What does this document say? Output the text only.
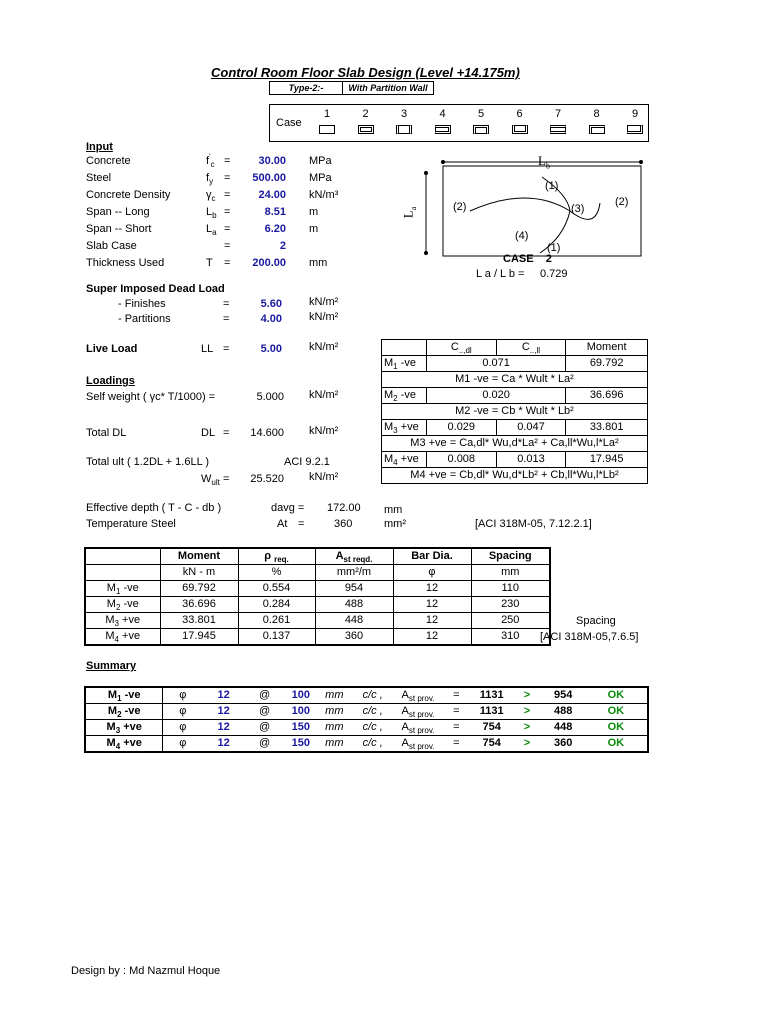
Control Room Floor Slab Design (Level +14.175m)
Type-2:-	With Partition Wall
Case
1	2	3	4	5	6	7	8	9
Input
Concrete	$f'_c$ =	30.00 MPa
Steel	$f_y$ =	500.00 MPa
Concrete Density	$\gamma_c$ =	24.00 kN/m³
Span -- Long	$L_b$ =	8.51 m
Span -- Short	$L_a$ =	6.20 m
Slab Case	=	2
Thickness Used	T =	200.00 mm
$L_b$
$L_a$
(1)
(2)	(3)
(2)
(4)
(1)
CASE 2
L a / L b = 0.729
Super Imposed Dead Load
- Finishes	=	5.60 kN/m²
- Partitions	=	4.00 kN/m²
Live Load	LL =	5.00 kN/m²
Loadings
Self weight ( γc* T/1000) =	5.000 kN/m²
Total DL	DL =	14.600 kN/m²
Total ult ( 1.2DL + 1.6LL )	ACI 9.2.1
$W_{ult}$ =	25.520 kN/m²
	$C_{..,dl}$	$C_{..,ll}$	Moment
$M_1$ -ve	0.071		69.792
M1 -ve = Ca * Wult * La²			
$M_2$ -ve	0.020		36.696
M2 -ve = Cb * Wult * Lb²			
$M_3 +ve$	0.029	0.047	33.801
M3 +ve = Ca,dl* Wu,d*La² + Ca,ll*Wu,l*La²			
$M_4 +ve$	0.008	0.013	17.945
M4 +ve = Cb,dl* Wu,d*Lb² + Cb,ll*Wu,l*Lb²			
Effective depth ( T - C - db )	davg = 172.00 mm
Temperature Steel	At =	360	mm²	[ACI 318M-05, 7.12.2.1]
	Moment	ρ $_{req.}$	$A_{st reqd.}$	Bar Dia.	Spacing
	kN - m	%	mm²/m	φ	mm
$M_1$ -ve	69.792	0.554	954	12	110
$M_2$ -ve	36.696	0.284	488	12	230
$M_3 +ve$	33.801	0.261	448	12	250
$M_4 +ve$	17.945	0.137	360	12	310
Spacing
[ACI 318M-05,7.6.5]
Summary
$M_1$ -ve	φ	12	@	100	mm	c/c ,	$A_{st prov.}$	=	1131	>	954	OK
$M_2$ -ve	φ	12	@	100	mm	c/c ,	$A_{st prov.}$	=	1131	>	488	OK
$M_3 +ve$	φ	12	@	150	mm	c/c ,	$A_{st prov.}$	=	754	>	448	OK
$M_4 +ve$	φ	12	@	150	mm	c/c ,	$A_{st prov.}$	=	754	>	360	OK
Design by : Md Nazmul Hoque
